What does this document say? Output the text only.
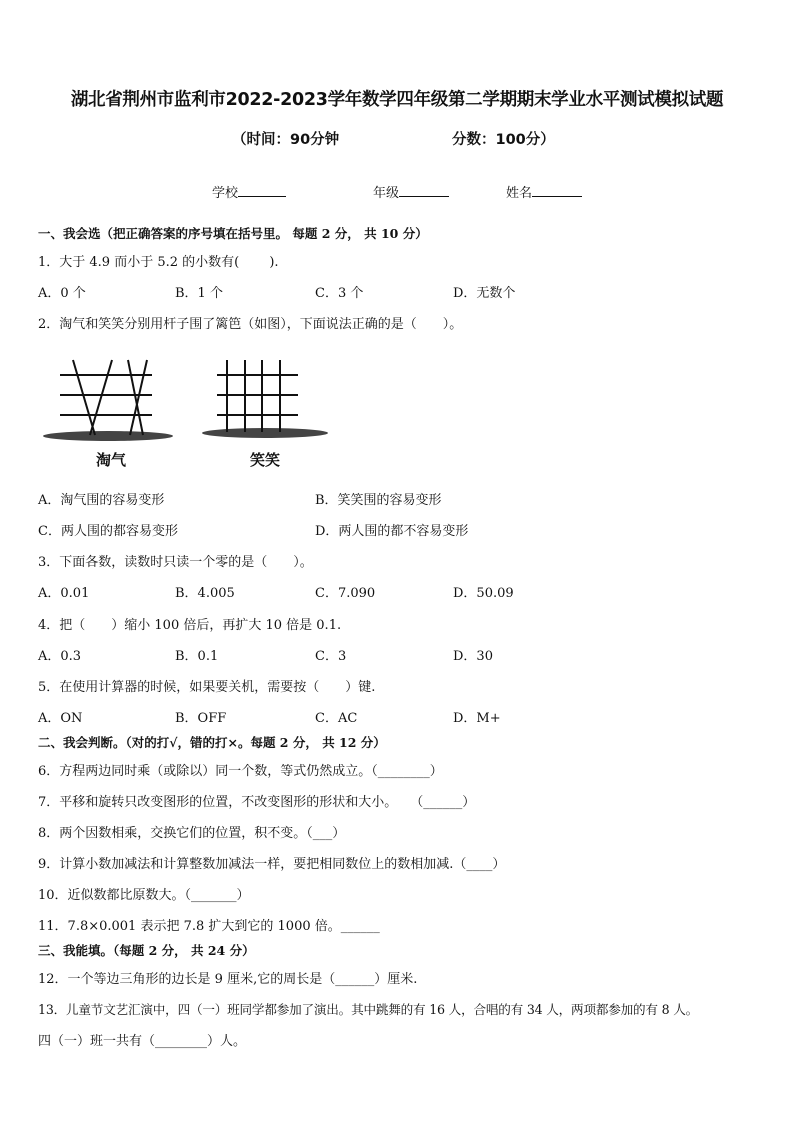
湖北省荆州市监利市2022-2023学年数学四年级第二学期期末学业水平测试模拟试题
（时间：90分钟	分数：100分）
学校	年级	姓名
一、我会选（把正确答案的序号填在括号里。 每题 2 分， 共 10 分）
1．大于 4.9 而小于 5.2 的小数有(　　 ).
A．0 个	B．1 个	C．3 个	D．无数个
2．淘气和笑笑分别用杆子围了篱笆（如图），下面说法正确的是（　　）。
淘气	笑笑
A．淘气围的容易变形	B．笑笑围的容易变形
C．两人围的都容易变形	D．两人围的都不容易变形
3．下面各数，读数时只读一个零的是（　　）。
A．0.01	B．4.005	C．7.090	D．50.09
4．把（　　）缩小 100 倍后，再扩大 10 倍是 0.1.
A．0.3	B．0.1	C．3	D．30
5．在使用计算器的时候，如果要关机，需要按（　　）键.
A．ON	B．OFF	C．AC	D．M+
二、我会判断。（对的打√，错的打×。每题 2 分， 共 12 分）
6．方程两边同时乘（或除以）同一个数，等式仍然成立。（________）
7．平移和旋转只改变图形的位置，不改变图形的形状和大小。　　（______）
8．两个因数相乘，交换它们的位置，积不变。（___）
9．计算小数加减法和计算整数加减法一样，要把相同数位上的数相加减.（____）
10．近似数都比原数大。（_______）
11．7.8×0.001 表示把 7.8 扩大到它的 1000 倍。______
三、我能填。（每题 2 分， 共 24 分）
12．一个等边三角形的边长是 9 厘米,它的周长是（______）厘米.
13．儿童节文艺汇演中，四（一）班同学都参加了演出。其中跳舞的有 16 人，合唱的有 34 人，两项都参加的有 8 人。
四（一）班一共有（________）人。
